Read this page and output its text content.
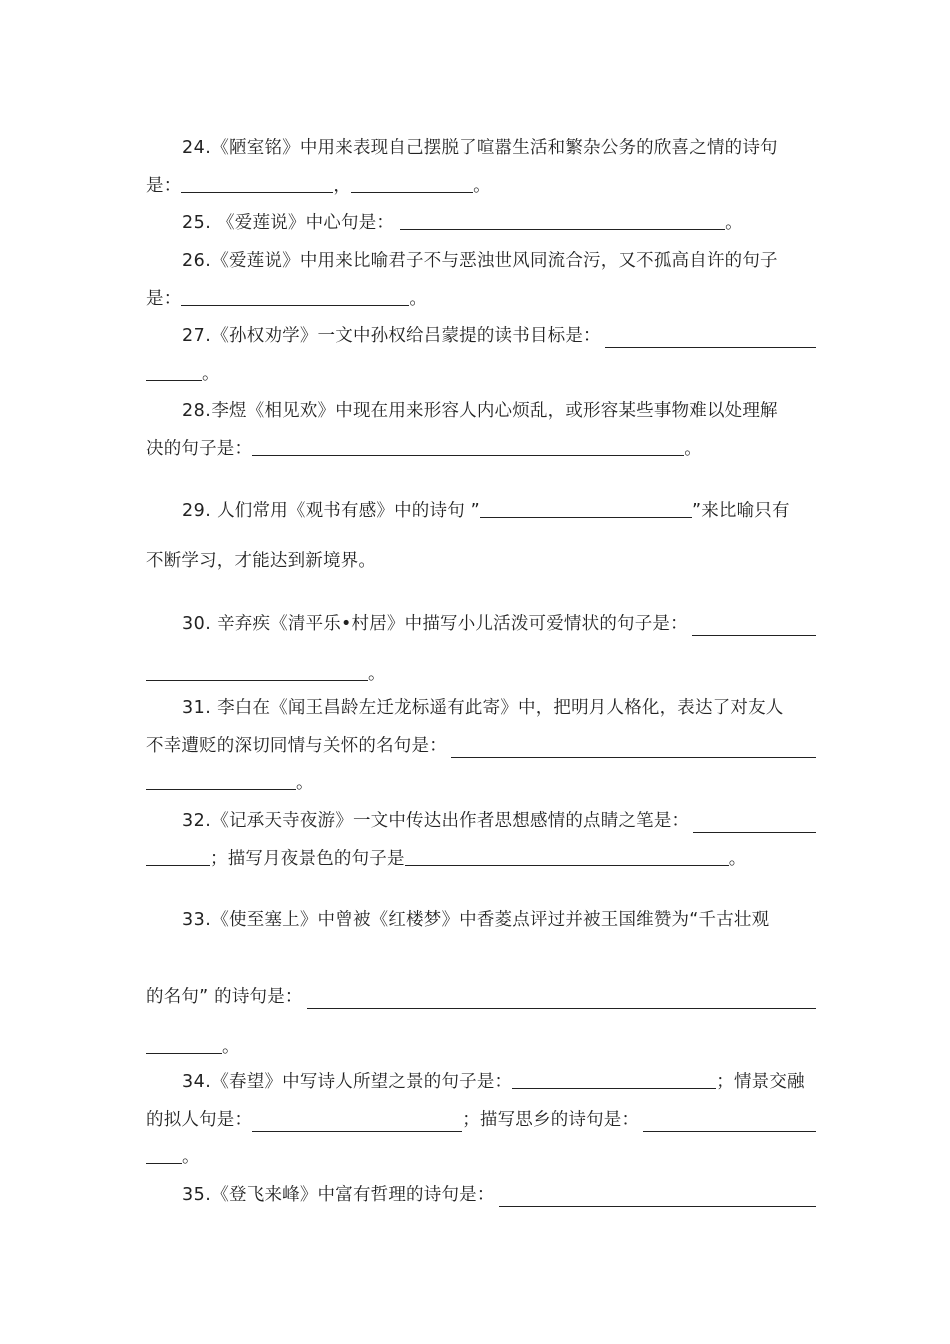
24.《陋室铭》中用来表现自己摆脱了喧嚣生活和繁杂公务的欣喜之情的诗句
是：	，	。
25. 《爱莲说》中心句是：	。
26.《爱莲说》中用来比喻君子不与恶浊世风同流合污，又不孤高自许的句子
是：	。
27. 《孙权劝学》一文中孙权给吕蒙提的读书目标是：
。
28.李煜《相见欢》中现在用来形容人内心烦乱，或形容某些事物难以处理解
决的句子是：	。
29. 人们常用《观书有感》中的诗句 ”	”来比喻只有
不断学习，才能达到新境界。
30.
辛弃疾《清平乐•村居》中描写小儿活泼可爱情状的句子是：
。
31. 李白在《闻王昌龄左迁龙标遥有此寄》中，把明月人格化，表达了对友人
不幸遭贬的深切同情与关怀的名句是：
。
32. 《记承天寺夜游》一文中传达出作者思想感情的点睛之笔是：
；描写月夜景色的句子是	。
33.《使至塞上》中曾被《红楼梦》中香菱点评过并被王国维赞为“千古壮观
的名句” 的诗句是：
。
34.《春望》中写诗人所望之景的句子是：	；情景交融
的拟人句是：	；描写思乡的诗句是：
。
35. 《登飞来峰》中富有哲理的诗句是：
